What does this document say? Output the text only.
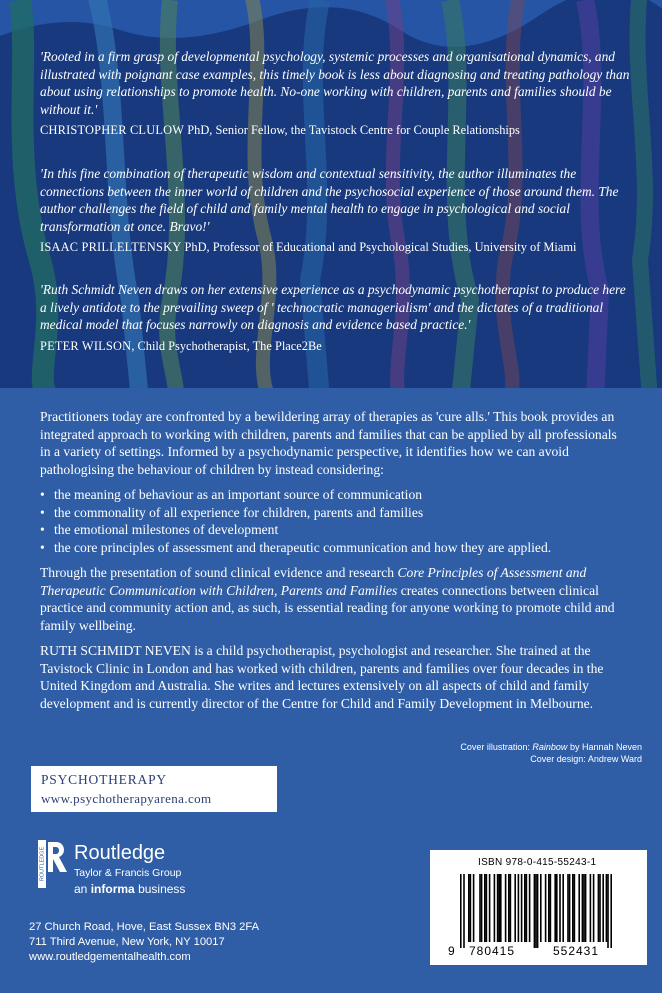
'Rooted in a firm grasp of developmental psychology, systemic processes and organisational dynamics, and illustrated with poignant case examples, this timely book is less about diagnosing and treating pathology than about using relationships to promote health. No-one working with children, parents and families should be without it.'
CHRISTOPHER CLULOW PhD, Senior Fellow, the Tavistock Centre for Couple Relationships
'In this fine combination of therapeutic wisdom and contextual sensitivity, the author illuminates the connections between the inner world of children and the psychosocial experience of those around them. The author challenges the field of child and family mental health to engage in psychological and social transformation at once. Bravo!'
ISAAC PRILLELTENSKY PhD, Professor of Educational and Psychological Studies, University of Miami
'Ruth Schmidt Neven draws on her extensive experience as a psychodynamic psychotherapist to produce here a lively antidote to the prevailing sweep of ' technocratic managerialism' and the dictates of a traditional medical model that focuses narrowly on diagnosis and evidence based practice.'
PETER WILSON, Child Psychotherapist, The Place2Be

Practitioners today are confronted by a bewildering array of therapies as 'cure alls.' This book provides an integrated approach to working with children, parents and families that can be applied by all professionals in a variety of settings. Informed by a psychodynamic perspective, it identifies how we can avoid pathologising the behaviour of children by instead considering:

• the meaning of behaviour as an important source of communication
• the commonality of all experience for children, parents and families
• the emotional milestones of development
• the core principles of assessment and therapeutic communication and how they are applied.

Through the presentation of sound clinical evidence and research Core Principles of Assessment and Therapeutic Communication with Children, Parents and Families creates connections between clinical practice and community action and, as such, is essential reading for anyone working to promote child and family wellbeing.

RUTH SCHMIDT NEVEN is a child psychotherapist, psychologist and researcher. She trained at the Tavistock Clinic in London and has worked with children, parents and families over four decades in the United Kingdom and Australia. She writes and lectures extensively on all aspects of child and family development and is currently director of the Centre for Child and Family Development in Melbourne.

PSYCHOTHERAPY
www.psychotherapyarena.com
Cover illustration: Rainbow by Hannah Neven
Cover design: Andrew Ward
ROUTLEDGE Routledge
Taylor & Francis Group
an informa business
27 Church Road, Hove, East Sussex BN3 2FA
711 Third Avenue, New York, NY 10017
www.routledgementalhealth.com
ISBN 978-0-415-55243-1
9 780415	552431
